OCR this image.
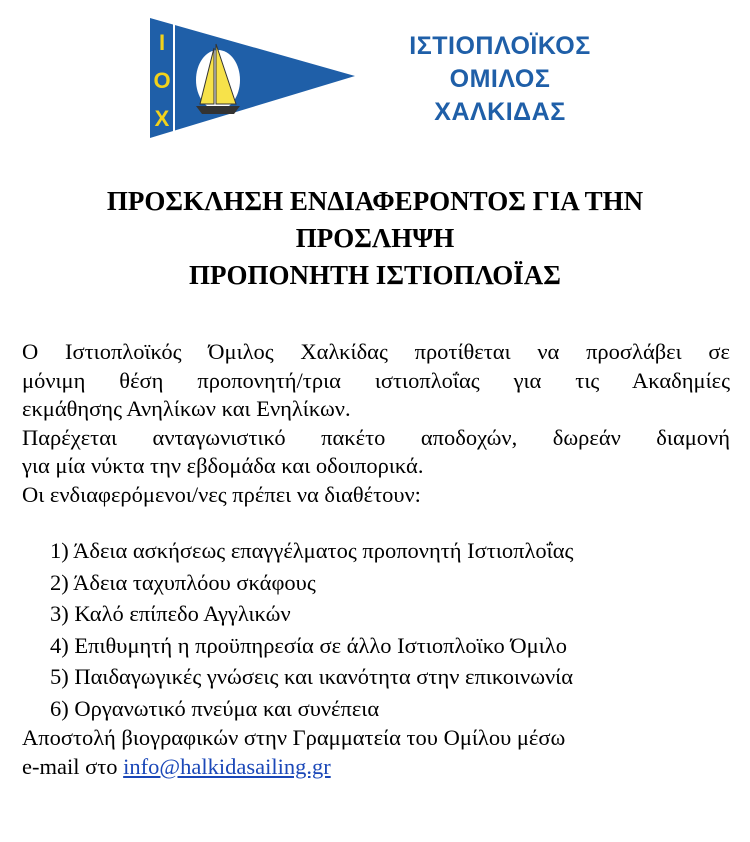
Ι
Ο
Χ
ΙΣΤΙΟΠΛΟΪΚΟΣ
ΟΜΙΛΟΣ
ΧΑΛΚΙΔΑΣ
ΠΡΟΣΚΛΗΣΗ ΕΝΔΙΑΦΕΡΟΝΤΟΣ ΓΙΑ ΤΗΝ
ΠΡΟΣΛΗΨΗ
ΠΡΟΠΟΝΗΤΗ ΙΣΤΙΟΠΛΟΪΑΣ
Ο Ιστιοπλοϊκός Όμιλος Χαλκίδας προτίθεται να προσλάβει σε
μόνιμη θέση προπονητή/τρια ιστιοπλοΐας για τις Ακαδημίες
εκμάθησης Ανηλίκων και Ενηλίκων.
Παρέχεται ανταγωνιστικό πακέτο αποδοχών, δωρεάν διαμονή
για μία νύκτα την εβδομάδα και οδοιπορικά.
Οι ενδιαφερόμενοι/νες πρέπει να διαθέτουν:
1) Άδεια ασκήσεως επαγγέλματος προπονητή Ιστιοπλοΐας
2) Άδεια ταχυπλόου σκάφους
3) Καλό επίπεδο Αγγλικών
4) Επιθυμητή η προϋπηρεσία σε άλλο Ιστιοπλοϊκο Όμιλο
5) Παιδαγωγικές γνώσεις και ικανότητα στην επικοινωνία
6) Οργανωτικό πνεύμα και συνέπεια
Αποστολή βιογραφικών στην Γραμματεία του Ομίλου μέσω
e-mail στο info@halkidasailing.gr
